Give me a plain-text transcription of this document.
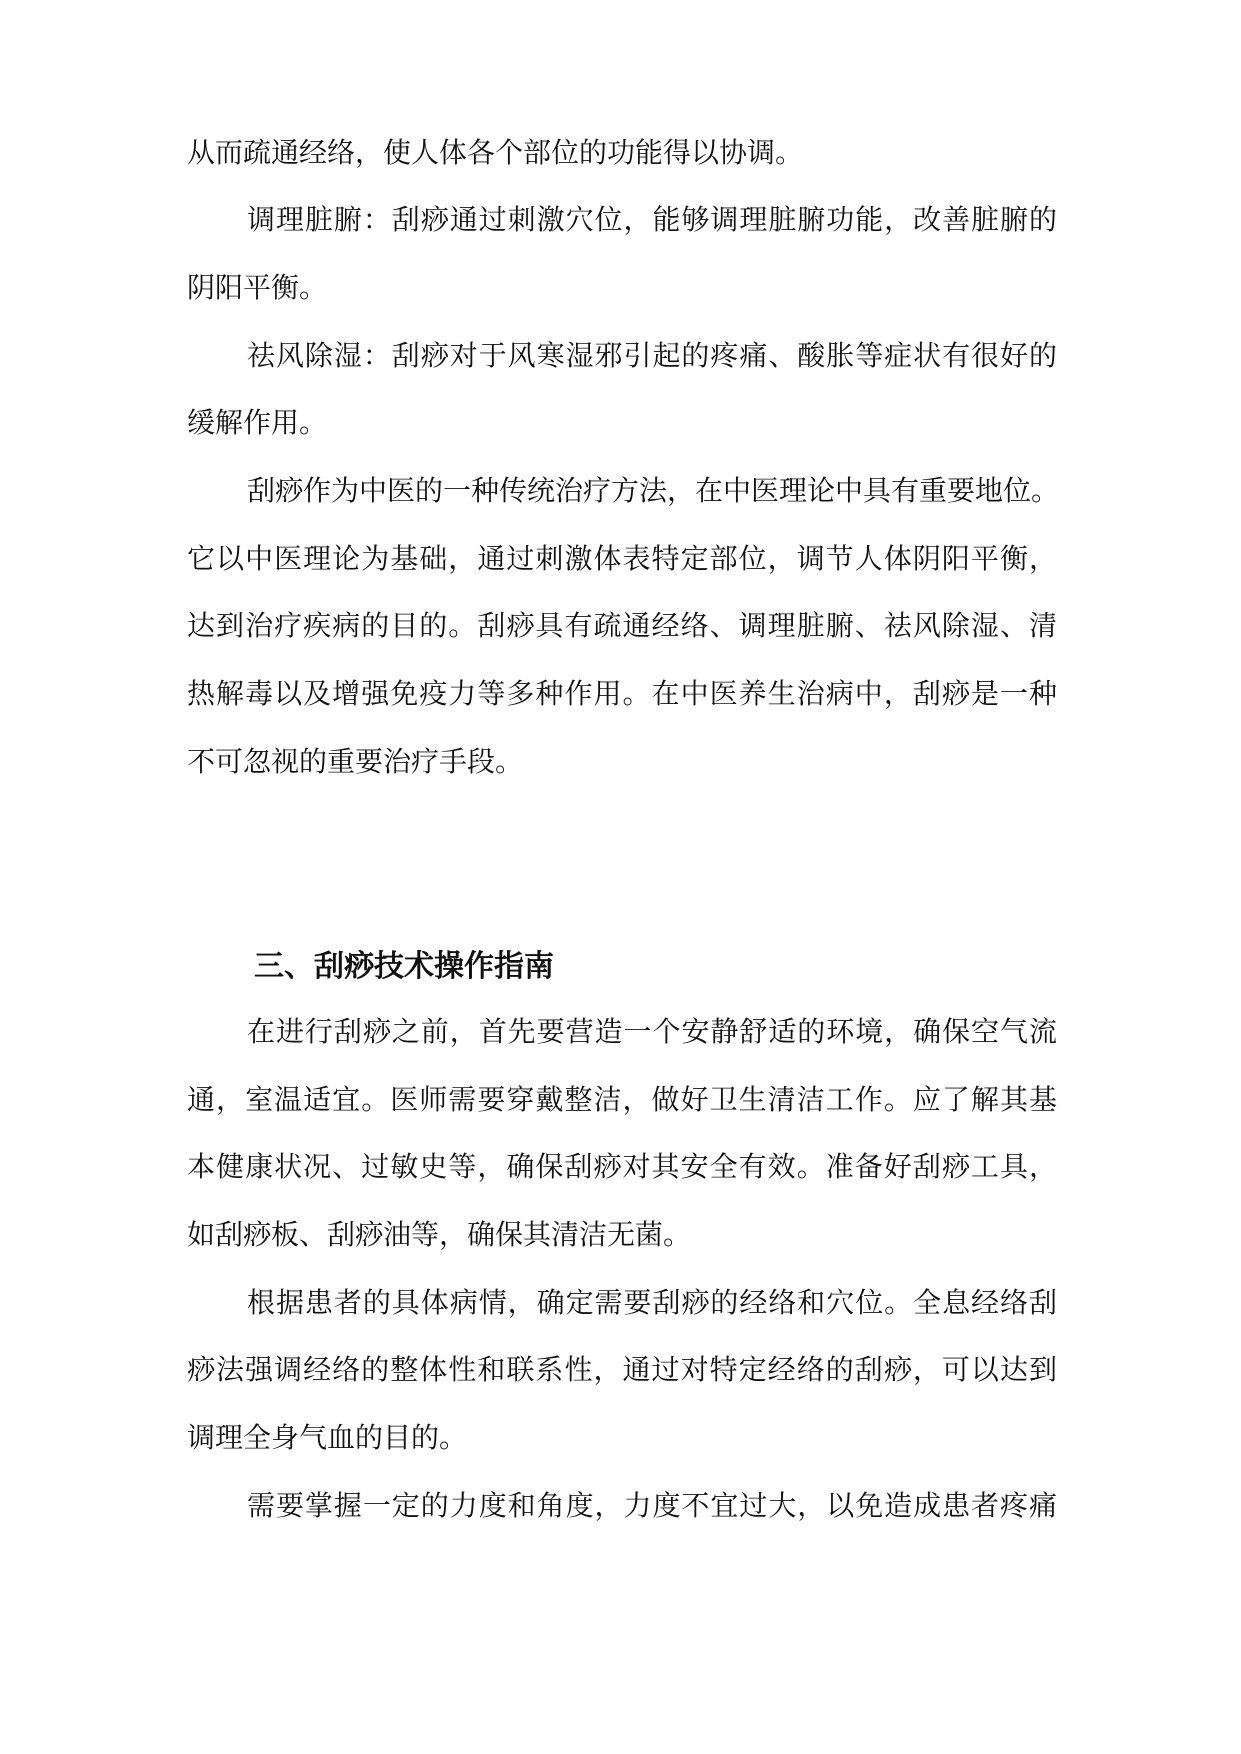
从而疏通经络，使人体各个部位的功能得以协调。
调理脏腑：刮痧通过刺激穴位，能够调理脏腑功能，改善脏腑的
阴阳平衡。
祛风除湿：刮痧对于风寒湿邪引起的疼痛、酸胀等症状有很好的
缓解作用。
刮痧作为中医的一种传统治疗方法，在中医理论中具有重要地位。
它以中医理论为基础，通过刺激体表特定部位，调节人体阴阳平衡，
达到治疗疾病的目的。刮痧具有疏通经络、调理脏腑、祛风除湿、清
热解毒以及增强免疫力等多种作用。在中医养生治病中，刮痧是一种
不可忽视的重要治疗手段。
三、刮痧技术操作指南
在进行刮痧之前，首先要营造一个安静舒适的环境，确保空气流
通，室温适宜。医师需要穿戴整洁，做好卫生清洁工作。应了解其基
本健康状况、过敏史等，确保刮痧对其安全有效。准备好刮痧工具，
如刮痧板、刮痧油等，确保其清洁无菌。
根据患者的具体病情，确定需要刮痧的经络和穴位。全息经络刮
痧法强调经络的整体性和联系性，通过对特定经络的刮痧，可以达到
调理全身气血的目的。
需要掌握一定的力度和角度，力度不宜过大，以免造成患者疼痛
